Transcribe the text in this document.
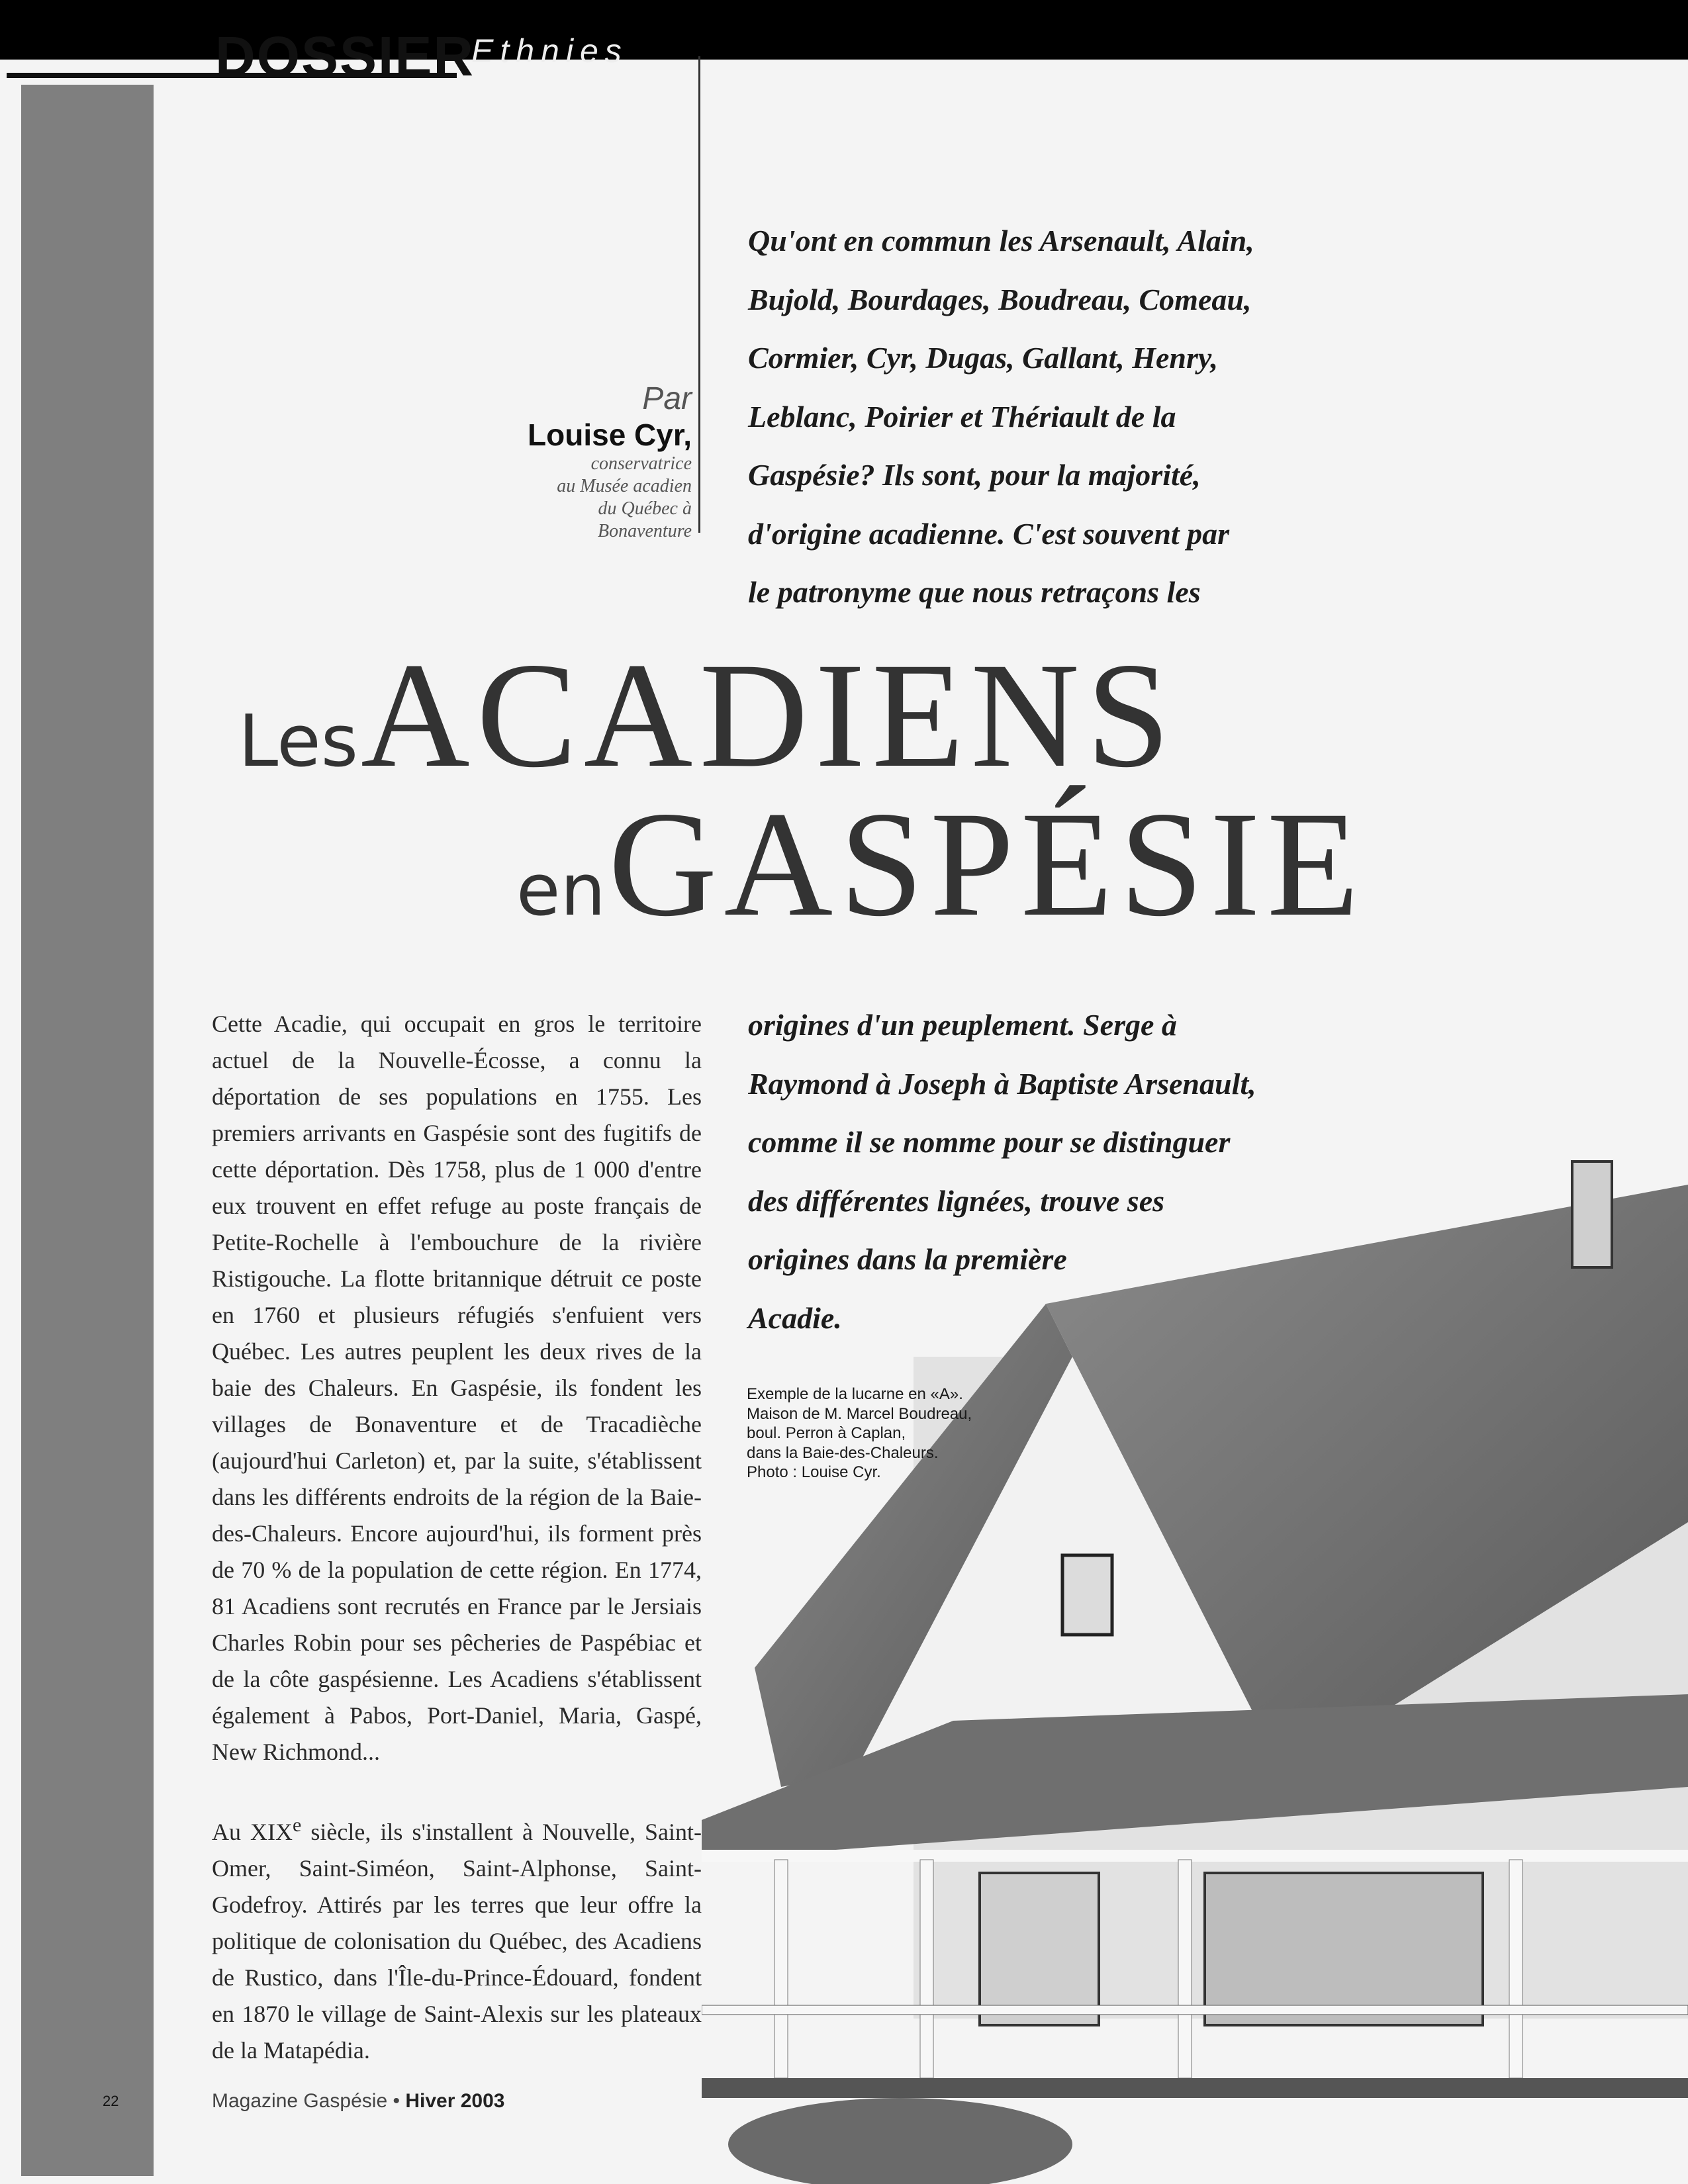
DOSSIER
Ethnies
Par
Louise Cyr,
conservatrice
au Musée acadien
du Québec à
Bonaventure
Qu'ont en commun les Arsenault, Alain,
Bujold, Bourdages, Boudreau, Comeau,
Cormier, Cyr, Dugas, Gallant, Henry,
Leblanc, Poirier et Thériault de la
Gaspésie? Ils sont, pour la majorité,
d'origine acadienne. C'est souvent par
le patronyme que nous retraçons les
Les ACADIENS
en GASPÉSIE
origines d'un peuplement. Serge à
Raymond à Joseph à Baptiste Arsenault,
comme il se nomme pour se distinguer
des différentes lignées, trouve ses
origines dans la première
Acadie.
Exemple de la lucarne en «A».
Maison de M. Marcel Boudreau,
boul. Perron à Caplan,
dans la Baie-des-Chaleurs.
Photo : Louise Cyr.

Cette Acadie, qui occupait en gros le territoire actuel de la Nouvelle-Écosse, a connu la déportation de ses populations en 1755. Les premiers arrivants en Gaspésie sont des fugitifs de cette déportation. Dès 1758, plus de 1 000 d'entre eux trouvent en effet refuge au poste français de Petite-Rochelle à l'embouchure de la rivière Ristigouche. La flotte britannique détruit ce poste en 1760 et plusieurs réfugiés s'enfuient vers Québec. Les autres peuplent les deux rives de la baie des Chaleurs. En Gaspésie, ils fondent les villages de Bonaventure et de Tracadièche (aujourd'hui Carleton) et, par la suite, s'établissent dans les différents endroits de la région de la Baie-des-Chaleurs. Encore aujourd'hui, ils forment près de 70 % de la population de cette région. En 1774, 81 Acadiens sont recrutés en France par le Jersiais Charles Robin pour ses pêcheries de Paspébiac et de la côte gaspésienne. Les Acadiens s'établissent également à Pabos, Port-Daniel, Maria, Gaspé, New Richmond...

Au XIXe siècle, ils s'installent à Nouvelle, Saint-Omer, Saint-Siméon, Saint-Alphonse, Saint-Godefroy. Attirés par les terres que leur offre la politique de colonisation du Québec, des Acadiens de Rustico, dans l'Île-du-Prince-Édouard, fondent en 1870 le village de Saint-Alexis sur les plateaux de la Matapédia.

22	Magazine Gaspésie • Hiver 2003
